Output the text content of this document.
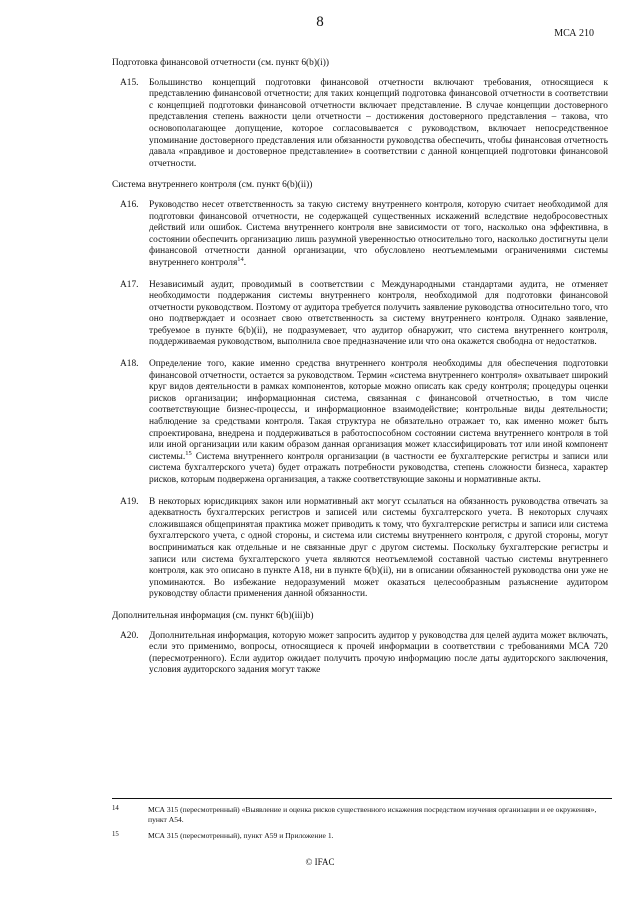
8
МСА 210
Подготовка финансовой отчетности (см. пункт 6(b)(i))
A15. Большинство концепций подготовки финансовой отчетности включают требования, относящиеся к представлению финансовой отчетности; для таких концепций подготовка финансовой отчетности в соответствии с концепцией подготовки финансовой отчетности включает представление. В случае концепции достоверного представления степень важности цели отчетности – достижения достоверного представления – такова, что основополагающее допущение, которое согласовывается с руководством, включает непосредственное упоминание достоверного представления или обязанности руководства обеспечить, чтобы финансовая отчетность давала «правдивое и достоверное представление» в соответствии с данной концепцией подготовки финансовой отчетности.
Система внутреннего контроля (см. пункт 6(b)(ii))
A16. Руководство несет ответственность за такую систему внутреннего контроля, которую считает необходимой для подготовки финансовой отчетности, не содержащей существенных искажений вследствие недобросовестных действий или ошибок. Система внутреннего контроля вне зависимости от того, насколько она эффективна, в состоянии обеспечить организацию лишь разумной уверенностью относительно того, насколько достигнуты цели финансовой отчетности данной организации, что обусловлено неотъемлемыми ограничениями системы внутреннего контроля$^{14}$.
A17. Независимый аудит, проводимый в соответствии с Международными стандартами аудита, не отменяет необходимости поддержания системы внутреннего контроля, необходимой для подготовки финансовой отчетности руководством. Поэтому от аудитора требуется получить заявление руководства относительно того, что оно подтверждает и осознает свою ответственность за систему внутреннего контроля. Однако заявление, требуемое в пункте 6(b)(ii), не подразумевает, что аудитор обнаружит, что система внутреннего контроля, поддерживаемая руководством, выполнила свое предназначение или что она окажется свободна от недостатков.
A18. Определение того, какие именно средства внутреннего контроля необходимы для обеспечения подготовки финансовой отчетности, остается за руководством. Термин «система внутреннего контроля» охватывает широкий круг видов деятельности в рамках компонентов, которые можно описать как среду контроля; процедуры оценки рисков организации; информационная система, связанная с финансовой отчетностью, в том числе соответствующие бизнес-процессы, и информационное взаимодействие; контрольные виды деятельности; наблюдение за средствами контроля. Такая структура не обязательно отражает то, как именно может быть спроектирована, внедрена и поддерживаться в работоспособном состоянии система внутреннего контроля в той или иной организации или каким образом данная организация может классифицировать тот или иной компонент системы.$^{15}$ Система внутреннего контроля организации (в частности ее бухгалтерские регистры и записи или система бухгалтерского учета) будет отражать потребности руководства, степень сложности бизнеса, характер рисков, которым подвержена организация, а также соответствующие законы и нормативные акты.
A19. В некоторых юрисдикциях закон или нормативный акт могут ссылаться на обязанность руководства отвечать за адекватность бухгалтерских регистров и записей или системы бухгалтерского учета. В некоторых случаях сложившаяся общепринятая практика может приводить к тому, что бухгалтерские регистры и записи или система бухгалтерского учета, с одной стороны, и система или системы внутреннего контроля, с другой стороны, могут восприниматься как отдельные и не связанные друг с другом системы. Поскольку бухгалтерские регистры и записи или система бухгалтерского учета являются неотъемлемой составной частью системы внутреннего контроля, как это описано в пункте A18, ни в пункте 6(b)(ii), ни в описании обязанностей руководства они уже не упоминаются. Во избежание недоразумений может оказаться целесообразным разъяснение аудитором руководству области применения данной обязанности.
Дополнительная информация (см. пункт 6(b)(iii)b)
A20. Дополнительная информация, которую может запросить аудитор у руководства для целей аудита может включать, если это применимо, вопросы, относящиеся к прочей информации в соответствии с требованиями МСА 720 (пересмотренного). Если аудитор ожидает получить прочую информацию после даты аудиторского заключения, условия аудиторского задания могут также
14	МСА 315 (пересмотренный) «Выявление и оценка рисков существенного искажения посредством изучения организации и ее окружения», пункт A54.
15	МСА 315 (пересмотренный), пункт A59 и Приложение 1.
© IFAC
